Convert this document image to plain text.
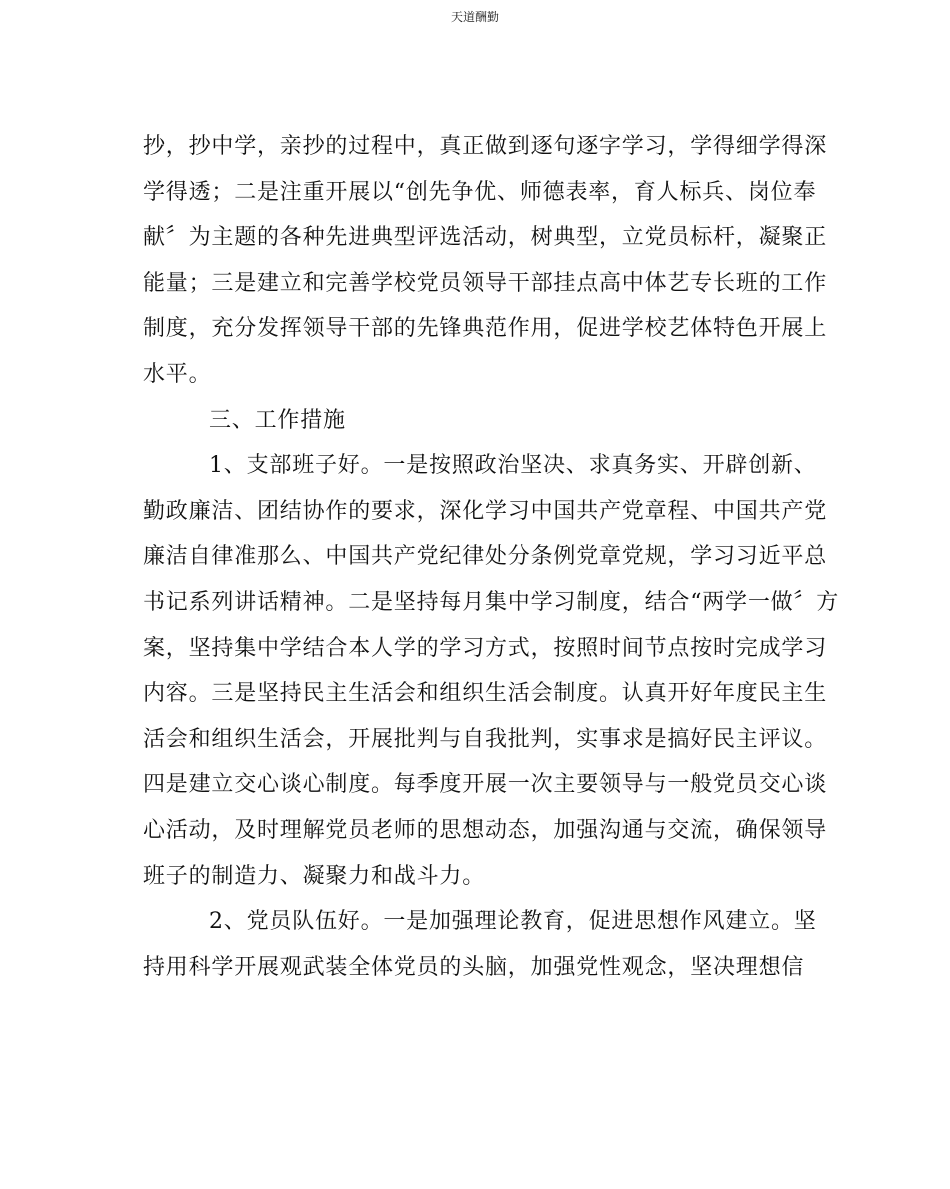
天道酬勤
抄，抄中学，亲抄的过程中，真正做到逐句逐字学习，学得细学得深
学得透；二是注重开展以“创先争优、师德表率，育人标兵、岗位奉
献〞为主题的各种先进典型评选活动，树典型，立党员标杆，凝聚正
能量；三是建立和完善学校党员领导干部挂点高中体艺专长班的工作
制度，充分发挥领导干部的先锋典范作用，促进学校艺体特色开展上
水平。
三、工作措施
1、支部班子好。一是按照政治坚决、求真务实、开辟创新、
勤政廉洁、团结协作的要求，深化学习中国共产党章程、中国共产党
廉洁自律准那么、中国共产党纪律处分条例党章党规，学习习近平总
书记系列讲话精神。二是坚持每月集中学习制度，结合“两学一做〞方
案，坚持集中学结合本人学的学习方式，按照时间节点按时完成学习
内容。三是坚持民主生活会和组织生活会制度。认真开好年度民主生
活会和组织生活会，开展批判与自我批判，实事求是搞好民主评议。
四是建立交心谈心制度。每季度开展一次主要领导与一般党员交心谈
心活动，及时理解党员老师的思想动态，加强沟通与交流，确保领导
班子的制造力、凝聚力和战斗力。
2、党员队伍好。一是加强理论教育，促进思想作风建立。坚
持用科学开展观武装全体党员的头脑，加强党性观念，坚决理想信
